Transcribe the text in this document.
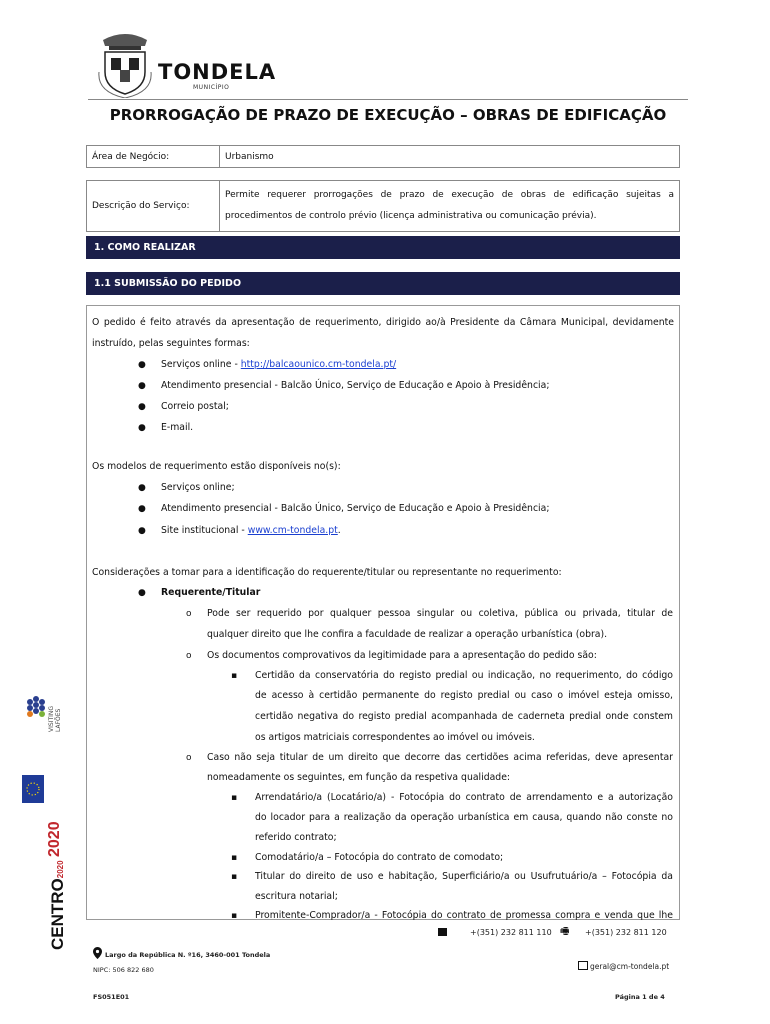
TONDELA
MUNICÍPIO
PRORROGAÇÃO DE PRAZO DE EXECUÇÃO – OBRAS DE EDIFICAÇÃO
Área de Negócio:	Urbanismo
Descrição do Serviço:	
Permite requerer prorrogações de prazo de execução de obras de edificação sujeitas a
procedimentos de controlo prévio (licença administrativa ou comunicação prévia).
1. COMO REALIZAR
1.1 SUBMISSÃO DO PEDIDO
O pedido é feito através da apresentação de requerimento, dirigido ao/à Presidente da Câmara Municipal, devidamente
instruído, pelas seguintes formas:
● Serviços online - http://balcaounico.cm-tondela.pt/
● Atendimento presencial - Balcão Único, Serviço de Educação e Apoio à Presidência;
● Correio postal;
● E-mail.
Os modelos de requerimento estão disponíveis no(s):
● Serviços online;
● Atendimento presencial - Balcão Único, Serviço de Educação e Apoio à Presidência;
● Site institucional - www.cm-tondela.pt.
Considerações a tomar para a identificação do requerente/titular ou representante no requerimento:
● Requerente/Titular
o Pode ser requerido por qualquer pessoa singular ou coletiva, pública ou privada, titular de
qualquer direito que lhe confira a faculdade de realizar a operação urbanística (obra).
o Os documentos comprovativos da legitimidade para a apresentação do pedido são:
▪ Certidão da conservatória do registo predial ou indicação, no requerimento, do código
de acesso à certidão permanente do registo predial ou caso o imóvel esteja omisso,
certidão negativa do registo predial acompanhada de caderneta predial onde constem
os artigos matriciais correspondentes ao imóvel ou imóveis.
o Caso não seja titular de um direito que decorre das certidões acima referidas, deve apresentar
nomeadamente os seguintes, em função da respetiva qualidade:
▪ Arrendatário/a (Locatário/a) - Fotocópia do contrato de arrendamento e a autorização
do locador para a realização da operação urbanística em causa, quando não conste no
referido contrato;
▪ Comodatário/a – Fotocópia do contrato de comodato;
▪ Titular do direito de uso e habitação, Superficiário/a ou Usufrutuário/a – Fotocópia da
escritura notarial;
▪ Promitente-Comprador/a - Fotocópia do contrato de promessa compra e venda que lhe
VISITING LAFÕES
2020
CENTRO2020
+(351) 232 811 110 🖷 +(351) 232 811 120
Largo da República N. º16, 3460-001 Tondela
NIPC: 506 822 680	geral@cm-tondela.pt
FS051E01	Página 1 de 4
